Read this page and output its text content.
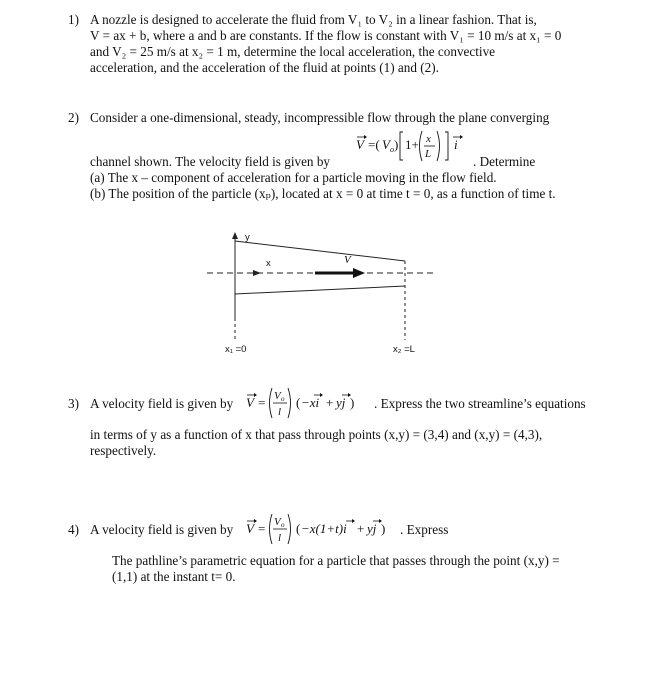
1) A nozzle is designed to accelerate the fluid from V₁ to V₂ in a linear fashion. That is,
V = ax + b, where a and b are constants. If the flow is constant with V₁ = 10 m/s at x₁ = 0
and V₂ = 25 m/s at x₂ = 1 m, determine the local acceleration, the convective
acceleration, and the acceleration of the fluid at points (1) and (2).
2) Consider a one-dimensional, steady, incompressible flow through the plane converging
V =( V o ) 1+ x
L
i
channel shown. The velocity field is given by	. Determine
(a) The x – component of acceleration for a particle moving in the flow field.
(b) The position of the particle (xₚ), located at x = 0 at time t = 0, as a function of time t.
y
x	V
x₁ =0	x₂ =L
3) A velocity field is given by V = V o
l
( −xi + yj ) . Express the two streamline’s equations
in terms of y as a function of x that pass through points (x,y) = (3,4) and (x,y) = (4,3),
respectively.
4) A velocity field is given by V = V o
l
( −x(1+t)i + yj ) . Express
The pathline’s parametric equation for a particle that passes through the point (x,y) =
(1,1) at the instant t= 0.
